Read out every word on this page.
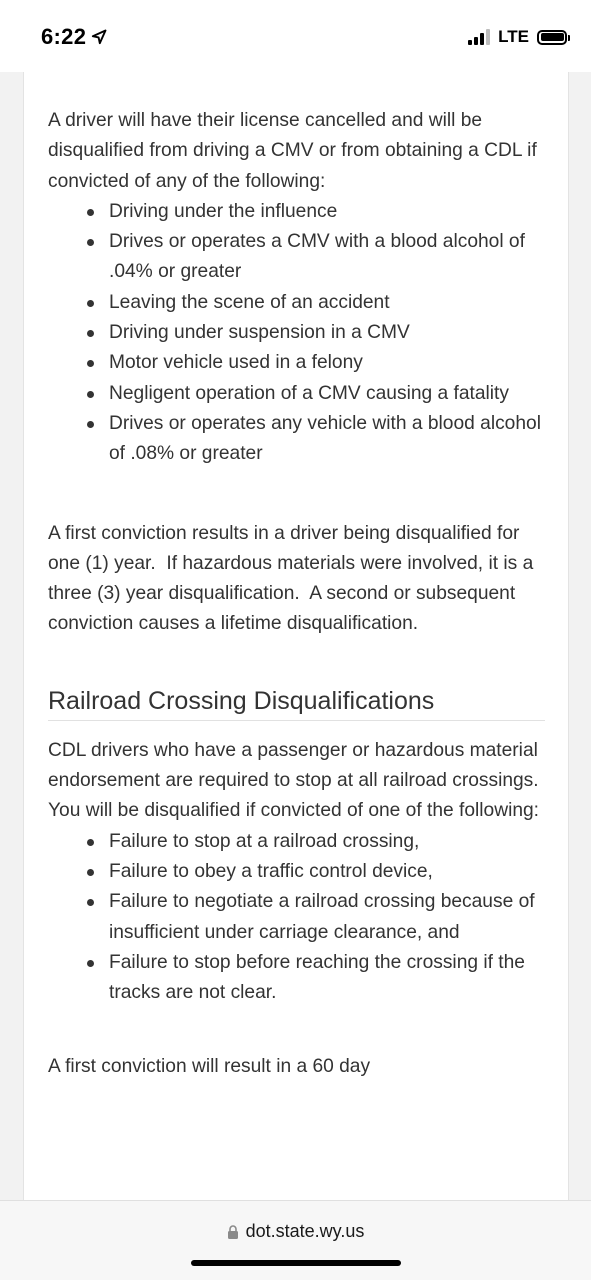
6:22	LTE

A driver will have their license cancelled and will be disqualified from driving a CMV or from obtaining a CDL if convicted of any of the following:

Driving under the influence
Drives or operates a CMV with a blood alcohol of .04% or greater
Leaving the scene of an accident
Driving under suspension in a CMV
Motor vehicle used in a felony
Negligent operation of a CMV causing a fatality
Drives or operates any vehicle with a blood alcohol of .08% or greater

A first conviction results in a driver being disqualified for one (1) year.  If hazardous materials were involved, it is a three (3) year disqualification.  A second or subsequent conviction causes a lifetime disqualification.

Railroad Crossing Disqualifications

CDL drivers who have a passenger or hazardous material endorsement are required to stop at all railroad crossings.  You will be disqualified if convicted of one of the following:

Failure to stop at a railroad crossing,
Failure to obey a traffic control device,
Failure to negotiate a railroad crossing because of insufficient under carriage clearance, and
Failure to stop before reaching the crossing if the tracks are not clear.

A first conviction will result in a 60 day

dot.state.wy.us
